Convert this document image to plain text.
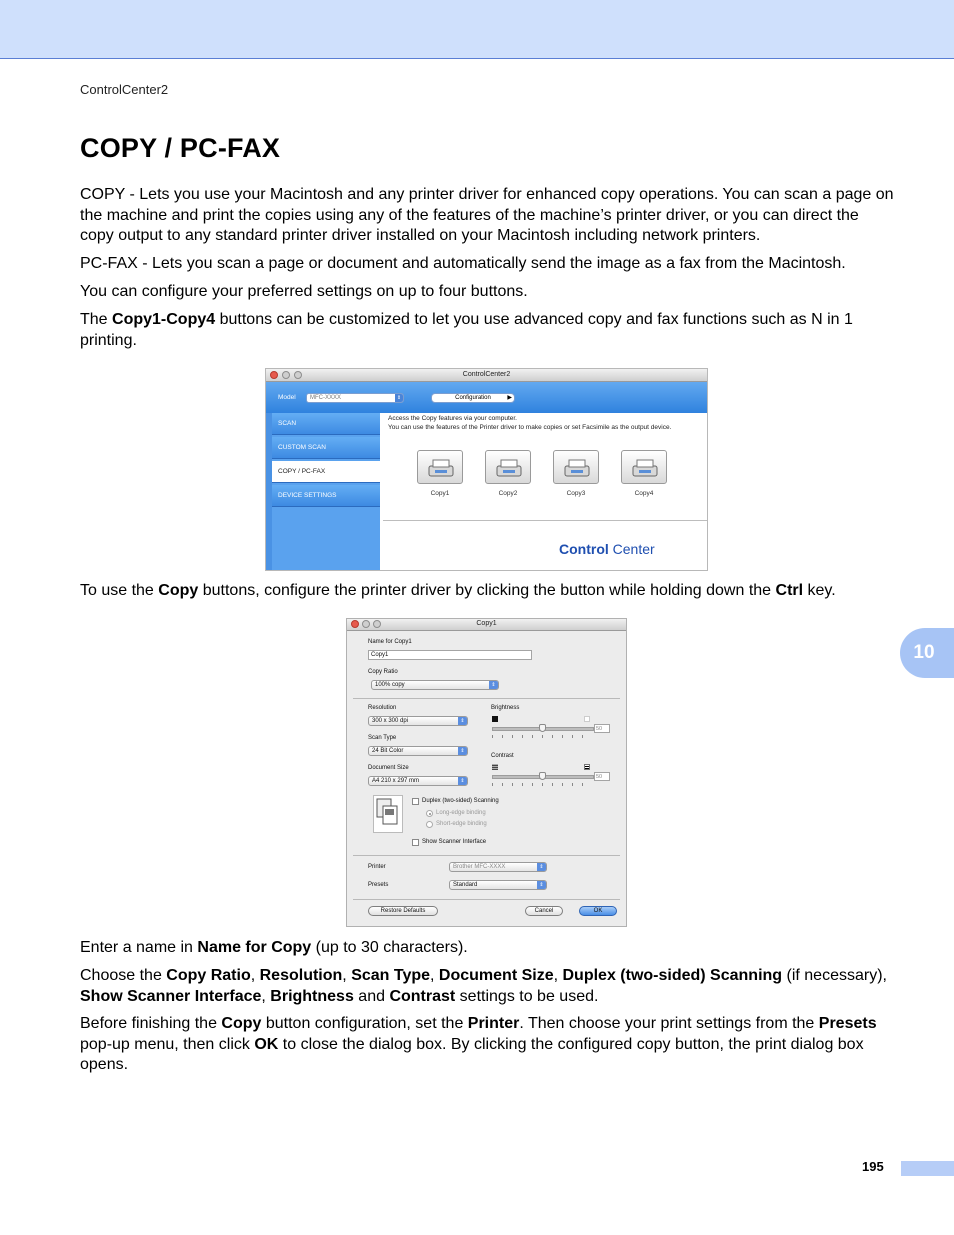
ControlCenter2
COPY / PC-FAX

COPY - Lets you use your Macintosh and any printer driver for enhanced copy operations. You can scan a page on the machine and print the copies using any of the features of the machine’s printer driver, or you can direct the copy output to any standard printer driver installed on your Macintosh including network printers.

PC-FAX - Lets you scan a page or document and automatically send the image as a fax from the Macintosh.

You can configure your preferred settings on up to four buttons.

The Copy1-Copy4 buttons can be customized to let you use advanced copy and fax functions such as N in 1 printing.

ControlCenter2
Model	MFC-XXXX	⇕	Configuration	▶
SCAN
CUSTOM SCAN
COPY / PC-FAX
DEVICE SETTINGS
Access the Copy features via your computer.
You can use the features of the Printer driver to make copies or set Facsimile as the output device.
Copy1	Copy2	Copy3	Copy4
Control Center

To use the Copy buttons, configure the printer driver by clicking the button while holding down the Ctrl key.

Copy1
Name for Copy1
Copy1
Copy Ratio
100% copy	⇕
Resolution
300 x 300 dpi	⇕
Scan Type
24 Bit Color	⇕
Document Size
A4 210 x 297 mm	⇕
Brightness
50
Contrast
50
Duplex (two-sided) Scanning
Long-edge binding
Short-edge binding
Show Scanner Interface
Printer	Brother MFC-XXXX	⇕
Presets	Standard	⇕
Restore Defaults	Cancel	OK

Enter a name in Name for Copy (up to 30 characters).

Choose the Copy Ratio, Resolution, Scan Type, Document Size, Duplex (two-sided) Scanning (if necessary), Show Scanner Interface, Brightness and Contrast settings to be used.

Before finishing the Copy button configuration, set the Printer. Then choose your print settings from the Presets pop-up menu, then click OK to close the dialog box. By clicking the configured copy button, the print dialog box opens.

10
195
